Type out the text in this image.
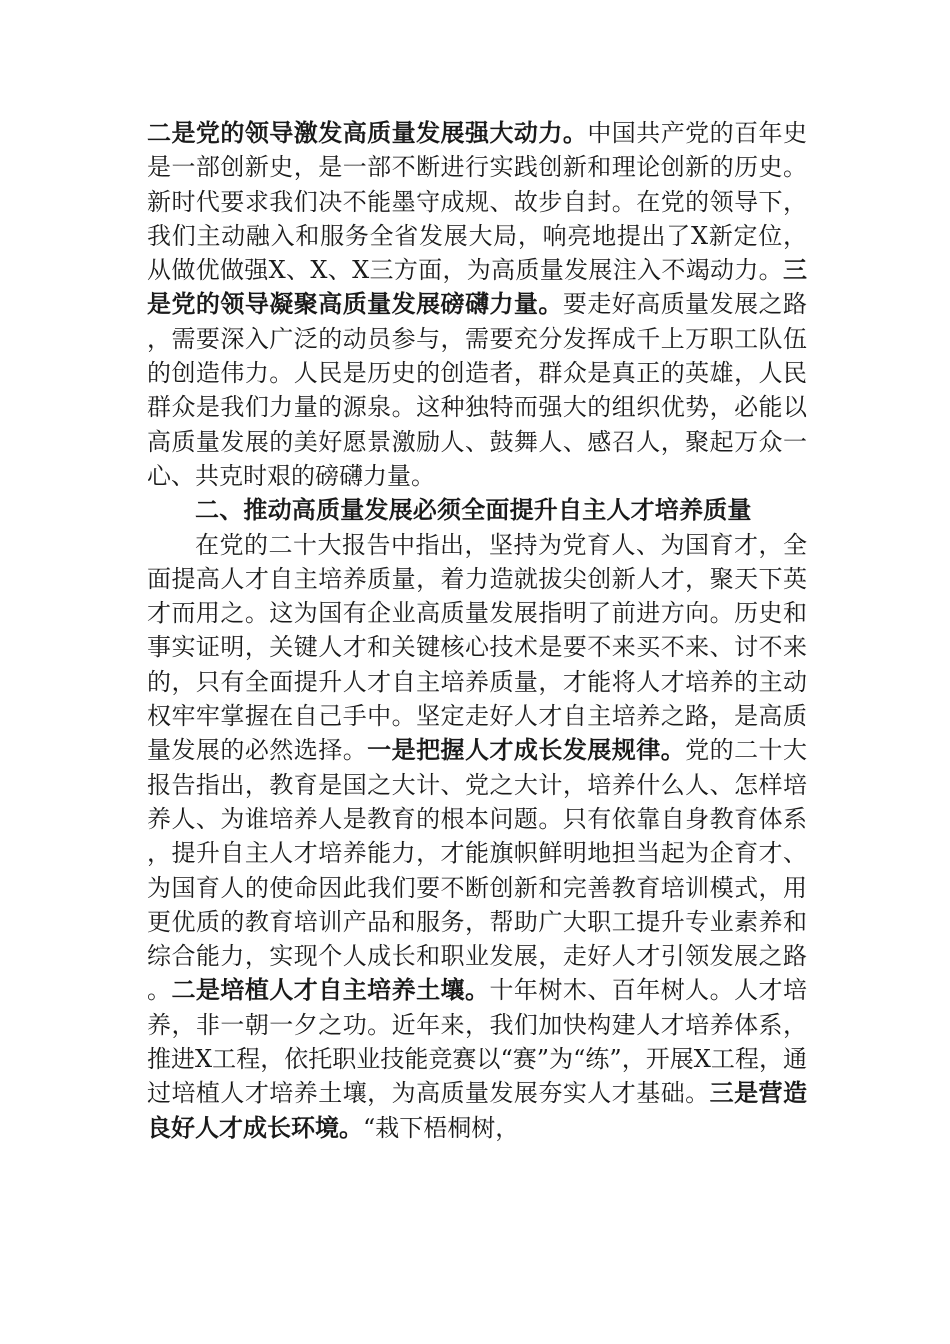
二是党的领导激发高质量发展强大动力。中国共产党的百年史是一部创新史，是一部不断进行实践创新和理论创新的历史。新时代要求我们决不能墨守成规、故步自封。在党的领导下，我们主动融入和服务全省发展大局，响亮地提出了X新定位，从做优做强X、X、X三方面，为高质量发展注入不竭动力。三是党的领导凝聚高质量发展磅礴力量。要走好高质量发展之路，需要深入广泛的动员参与，需要充分发挥成千上万职工队伍的创造伟力。人民是历史的创造者，群众是真正的英雄，人民群众是我们力量的源泉。这种独特而强大的组织优势，必能以高质量发展的美好愿景激励人、鼓舞人、感召人，聚起万众一心、共克时艰的磅礴力量。

二、推动高质量发展必须全面提升自主人才培养质量

在党的二十大报告中指出，坚持为党育人、为国育才，全面提高人才自主培养质量，着力造就拔尖创新人才，聚天下英才而用之。这为国有企业高质量发展指明了前进方向。历史和事实证明，关键人才和关键核心技术是要不来买不来、讨不来的，只有全面提升人才自主培养质量，才能将人才培养的主动权牢牢掌握在自己手中。坚定走好人才自主培养之路，是高质量发展的必然选择。一是把握人才成长发展规律。党的二十大报告指出，教育是国之大计、党之大计，培养什么人、怎样培养人、为谁培养人是教育的根本问题。只有依靠自身教育体系，提升自主人才培养能力，才能旗帜鲜明地担当起为企育才、为国育人的使命因此我们要不断创新和完善教育培训模式，用更优质的教育培训产品和服务，帮助广大职工提升专业素养和综合能力，实现个人成长和职业发展，走好人才引领发展之路。二是培植人才自主培养土壤。十年树木、百年树人。人才培养，非一朝一夕之功。近年来，我们加快构建人才培养体系，推进X工程，依托职业技能竞赛以“赛”为“练”，开展X工程，通过培植人才培养土壤，为高质量发展夯实人才基础。三是营造良好人才成长环境。“栽下梧桐树，
